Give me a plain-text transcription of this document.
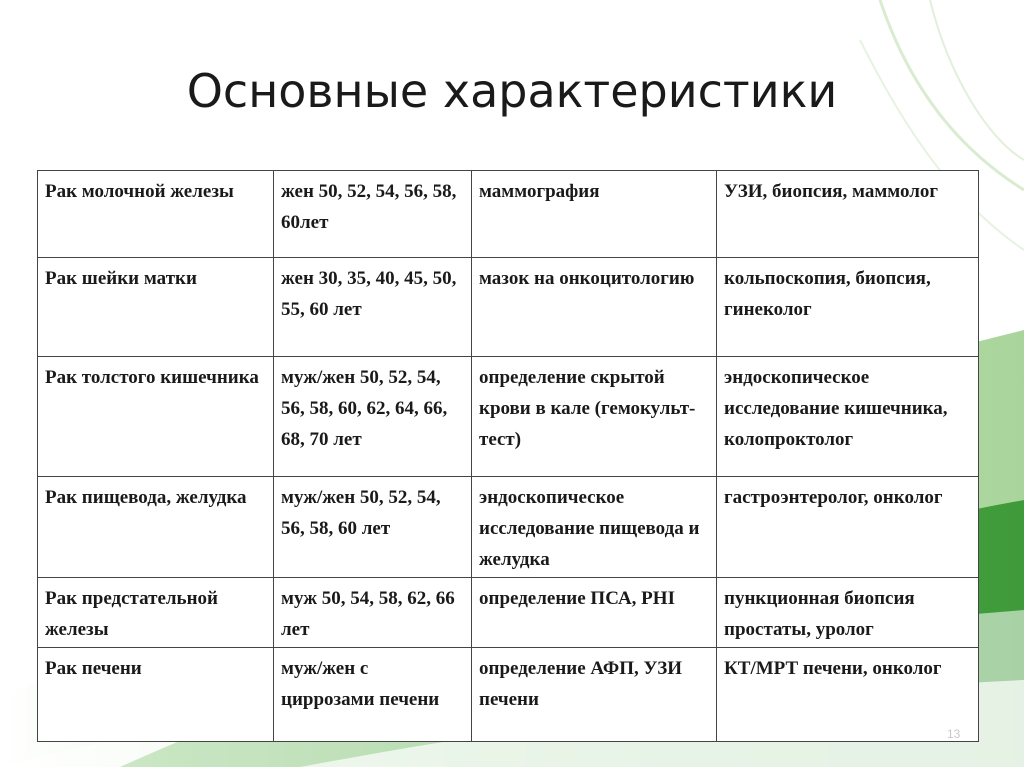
Основные характеристики
Рак молочной железы	жен 50, 52, 54, 56, 58, 60лет	маммография	УЗИ, биопсия, маммолог
Рак шейки матки	жен 30, 35, 40, 45, 50, 55, 60 лет	мазок на онкоцитологию	кольпоскопия, биопсия, гинеколог
Рак толстого кишечника	муж/жен 50, 52, 54, 56, 58, 60, 62, 64, 66, 68, 70 лет	определение скрытой крови в кале (гемокульт-тест)	эндоскопическое исследование кишечника, колопроктолог
Рак пищевода, желудка	муж/жен 50, 52, 54, 56, 58, 60 лет	эндоскопическое исследование пищевода и желудка	гастроэнтеролог, онколог
Рак предстательной железы	муж 50, 54, 58, 62, 66 лет	определение ПСА, PHI	пункционная биопсия простаты, уролог
Рак печени	муж/жен с циррозами печени	определение АФП, УЗИ печени	КТ/МРТ печени, онколог
13
